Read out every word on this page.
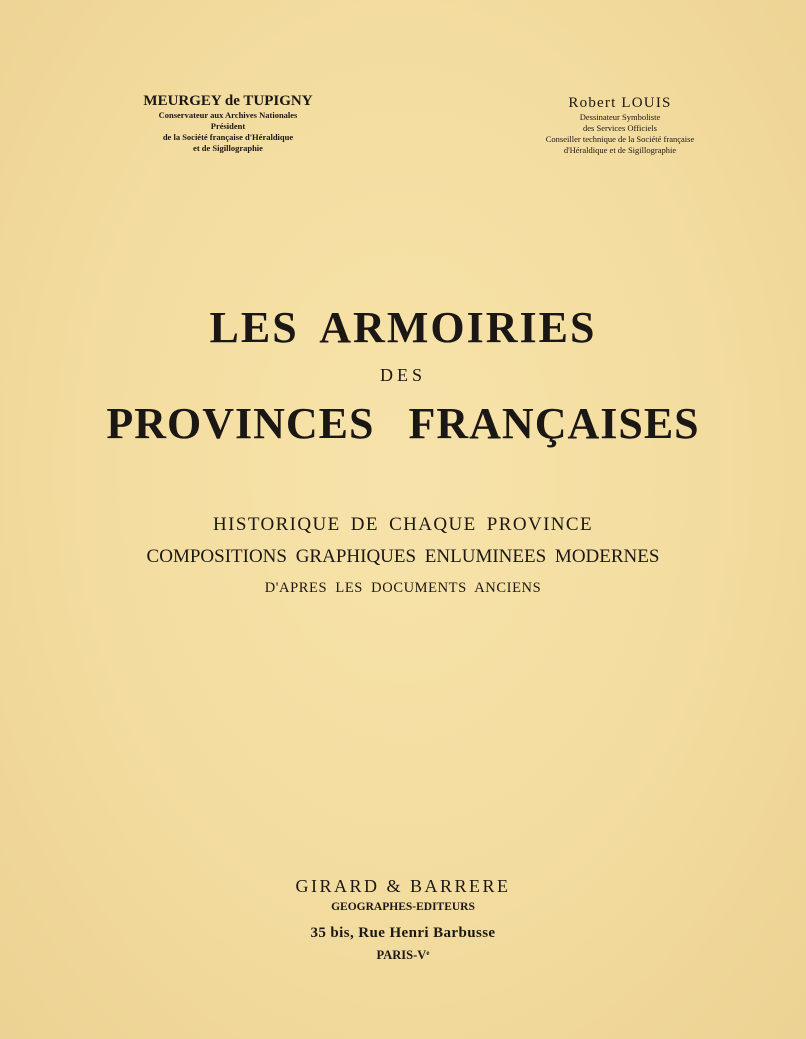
MEURGEY de TUPIGNY
Conservateur aux Archives Nationales
Président
de la Société française d'Héraldique
et de Sigillographie
Robert LOUIS
Dessinateur Symboliste
des Services Officiels
Conseiller technique de la Société française
d'Héraldique et de Sigillographie
LES ARMOIRIES
DES
PROVINCES FRANÇAISES
HISTORIQUE DE CHAQUE PROVINCE
COMPOSITIONS GRAPHIQUES ENLUMINEES MODERNES
D'APRES LES DOCUMENTS ANCIENS
GIRARD & BARRERE
GEOGRAPHES-EDITEURS
35 bis, Rue Henri Barbusse
PARIS-Ve
